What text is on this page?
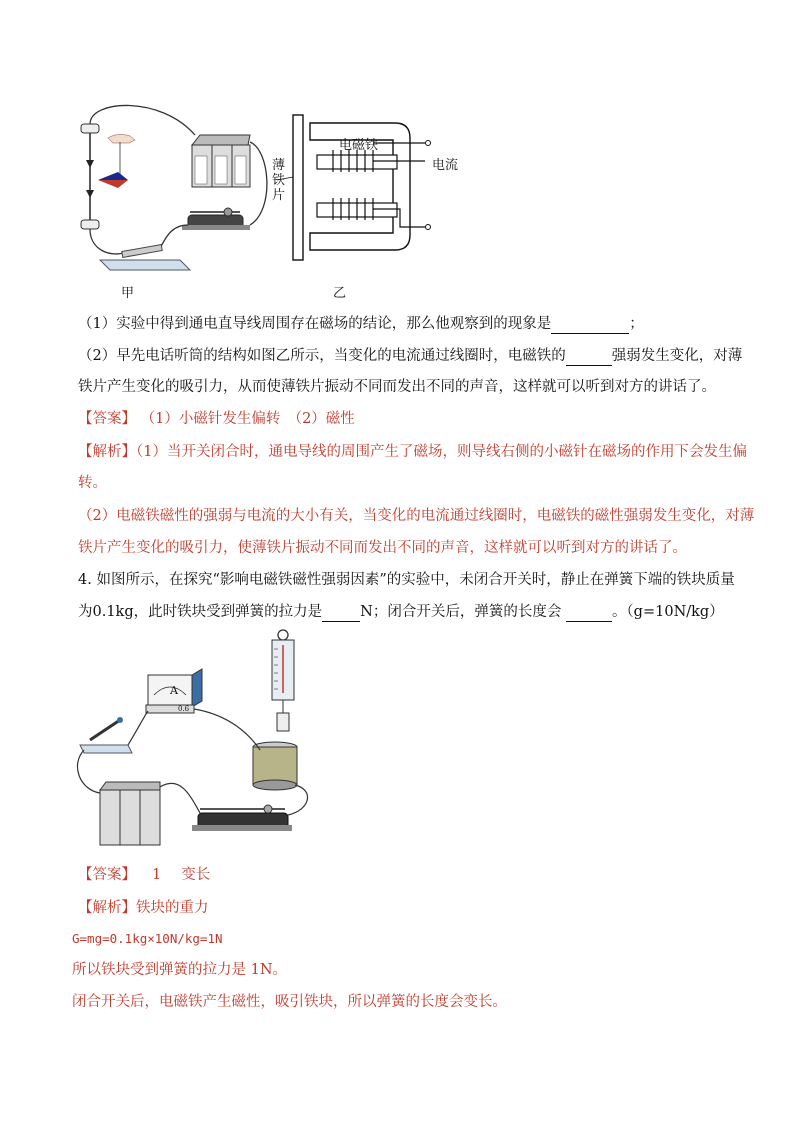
甲
电磁铁
电流
薄铁片
乙
（1）实验中得到通电直导线周围存在磁场的结论，那么他观察到的现象是	；
（2）早先电话听筒的结构如图乙所示，当变化的电流通过线圈时，电磁铁的	强弱发生变化，对薄
铁片产生变化的吸引力，从而使薄铁片振动不同而发出不同的声音，这样就可以听到对方的讲话了。
【答案】 （1）小磁针发生偏转　（2）磁性
【解析】（1）当开关闭合时，通电导线的周围产生了磁场，则导线右侧的小磁针在磁场的作用下会发生偏
转。
（2）电磁铁磁性的强弱与电流的大小有关，当变化的电流通过线圈时，电磁铁的磁性强弱发生变化，对薄
铁片产生变化的吸引力，使薄铁片振动不同而发出不同的声音，这样就可以听到对方的讲话了。
4. 如图所示，在探究“影响电磁铁磁性强弱因素”的实验中，未闭合开关时，静止在弹簧下端的铁块质量
为0.1kg，此时铁块受到弹簧的拉力是	N；闭合开关后，弹簧的长度会	。（g=10N/kg）
A
0.6
【答案】 1 变长
【解析】铁块的重力
G=mg=0.1kg×10N/kg=1N
所以铁块受到弹簧的拉力是 1N。
闭合开关后，电磁铁产生磁性，吸引铁块，所以弹簧的长度会变长。
